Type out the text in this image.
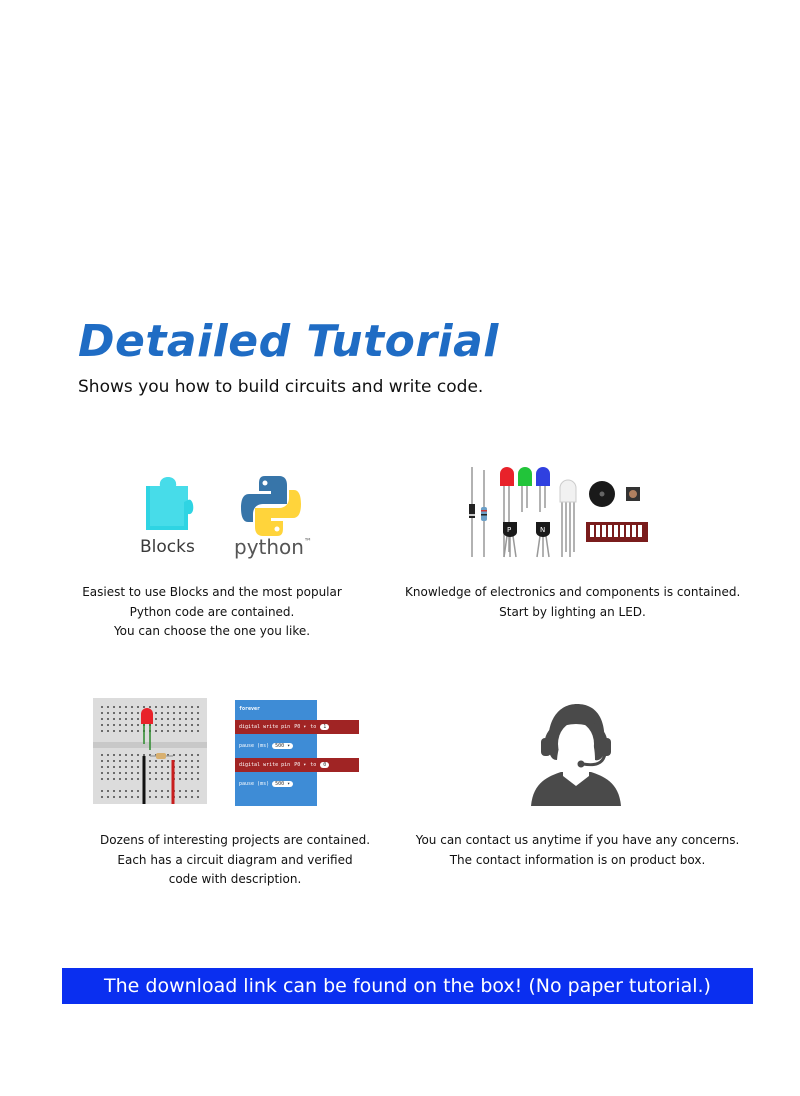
Detailed Tutorial

Shows you how to build circuits and write code.

Blocks python ™
Easiest to use Blocks and the most popular
Python code are contained.
You can choose the one you like.
P	N
Knowledge of electronics and components is contained.
Start by lighting an LED.
forever
digital write pin P0 ▾ to	1
pause (ms)	500 ▾
digital write pin P0 ▾ to	0
pause (ms)	500 ▾
Dozens of interesting projects are contained.
Each has a circuit diagram and verified
code with description.
You can contact us anytime if you have any concerns.
The contact information is on product box.
The download link can be found on the box! (No paper tutorial.)
